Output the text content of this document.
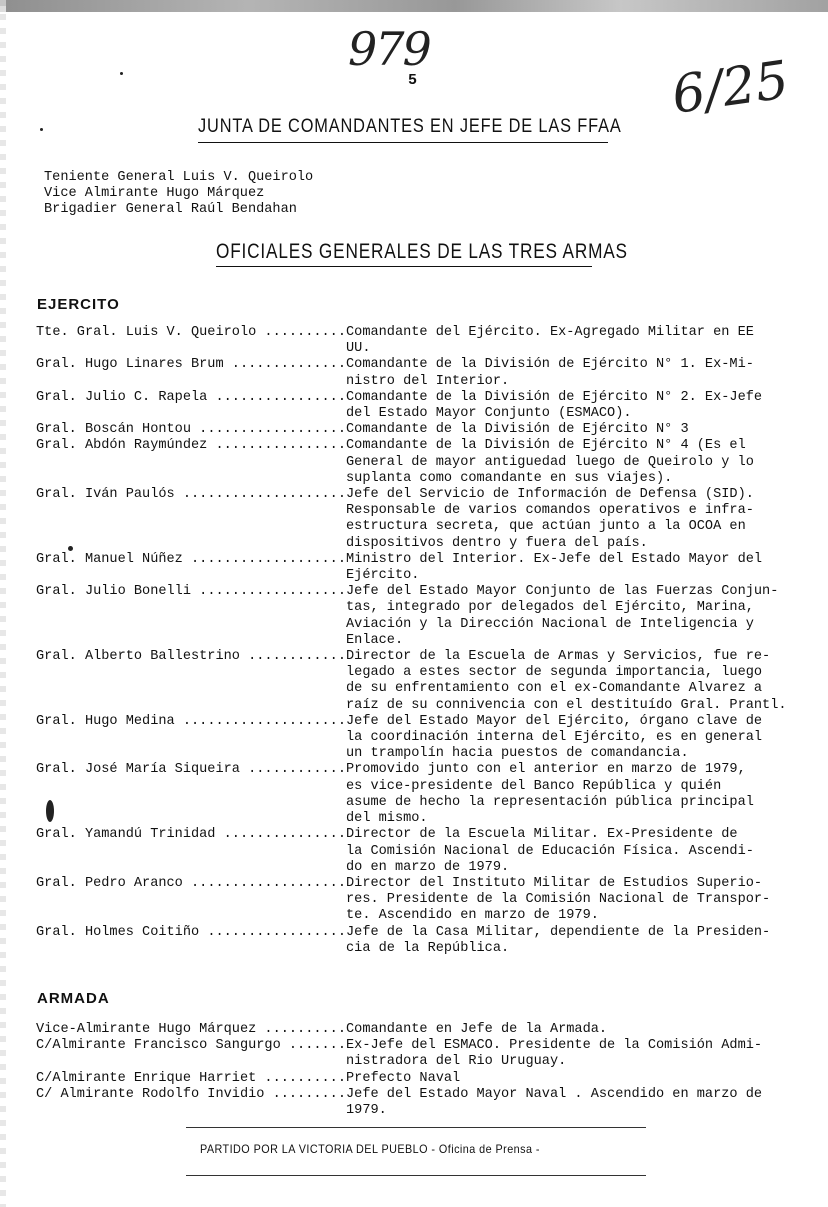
979

6/25

5

JUNTA DE COMANDANTES EN JEFE DE LAS FFAA
Teniente General Luis V. Queirolo
Vice Almirante Hugo Márquez
Brigadier General Raúl Bendahan
OFICIALES GENERALES DE LAS TRES ARMAS
EJERCITO
Tte. Gral. Luis V. Queirolo .....	Comandante del Ejército. Ex-Agregado Militar en EE
UU.
Gral. Hugo Linares Brum .....	Comandante de la División de Ejército N° 1. Ex-Mi-
nistro del Interior.
Gral. Julio C. Rapela .....	Comandante de la División de Ejército N° 2. Ex-Jefe
del Estado Mayor Conjunto (ESMACO).
Gral. Boscán Hontou .....	Comandante de la División de Ejército N° 3
Gral. Abdón Raymúndez .....	Comandante de la División de Ejército N° 4 (Es el
General de mayor antiguedad luego de Queirolo y lo
suplanta como comandante en sus viajes).
Gral. Iván Paulós .....	Jefe del Servicio de Información de Defensa (SID).
Responsable de varios comandos operativos e infra-
estructura secreta, que actúan junto a la OCOA en
dispositivos dentro y fuera del país.
Gral. Manuel Núñez .....	Ministro del Interior. Ex-Jefe del Estado Mayor del
Ejército.
Gral. Julio Bonelli .....	Jefe del Estado Mayor Conjunto de las Fuerzas Conjun-
tas, integrado por delegados del Ejército, Marina,
Aviación y la Dirección Nacional de Inteligencia y
Enlace.
Gral. Alberto Ballestrino .....	Director de la Escuela de Armas y Servicios, fue re-
legado a estes sector de segunda importancia, luego
de su enfrentamiento con el ex-Comandante Alvarez a
raíz de su connivencia con el destituído Gral. Prantl.
Gral. Hugo Medina .....	Jefe del Estado Mayor del Ejército, órgano clave de
la coordinación interna del Ejército, es en general
un trampolín hacia puestos de comandancia.
Gral. José María Siqueira .....	Promovido junto con el anterior en marzo de 1979,
es vice-presidente del Banco República y quién
asume de hecho la representación pública principal
del mismo.
Gral. Yamandú Trinidad .....	Director de la Escuela Militar. Ex-Presidente de
la Comisión Nacional de Educación Física. Ascendi-
do en marzo de 1979.
Gral. Pedro Aranco .....	Director del Instituto Militar de Estudios Superio-
res. Presidente de la Comisión Nacional de Transpor-
te. Ascendido en marzo de 1979.
Gral. Holmes Coitiño .....	Jefe de la Casa Militar, dependiente de la Presiden-
cia de la República.
ARMADA
Vice-Almirante Hugo Márquez .....	Comandante en Jefe de la Armada.
C/Almirante Francisco Sangurgo .....	Ex-Jefe del ESMACO. Presidente de la Comisión Admi-
nistradora del Rio Uruguay.
C/Almirante Enrique Harriet .....	Prefecto Naval
C/ Almirante Rodolfo Invidio .....	Jefe del Estado Mayor Naval . Ascendido en marzo de
1979.

PARTIDO POR LA VICTORIA DEL PUEBLO - Oficina de Prensa -
